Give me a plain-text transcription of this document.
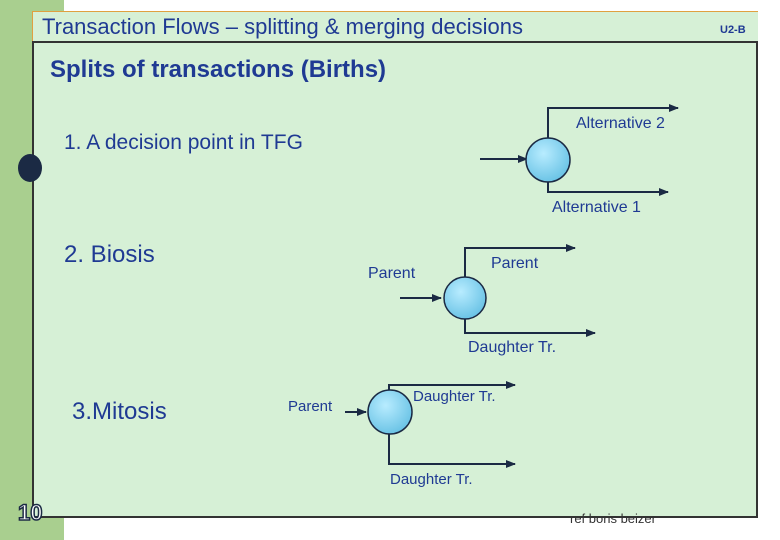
Transaction Flows – splitting & merging decisions	U2-B
Splits of transactions (Births)
1. A decision point in TFG
2. Biosis
3.Mitosis
Alternative 2
Alternative 1
Parent
Parent
Daughter Tr.
Parent
Daughter Tr.
Daughter Tr.
10	ref boris beizer
